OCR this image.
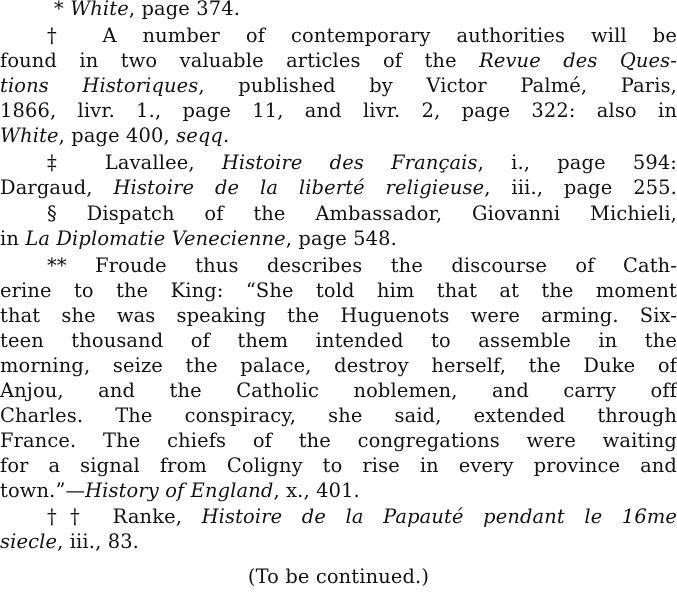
* White, page 374.
† A number of contemporary authorities will be
found in two valuable articles of the Revue des Ques-
tions Historiques, published by Victor Palmé, Paris,
1866, livr. 1., page 11, and livr. 2, page 322: also in
White, page 400, seqq.
‡ Lavallee, Histoire des Français, i., page 594:
Dargaud, Histoire de la liberté religieuse, iii., page 255.
§ Dispatch of the Ambassador, Giovanni Michieli,
in La Diplomatie Venecienne, page 548.
** Froude thus describes the discourse of Cath-
erine to the King: “She told him that at the moment
that she was speaking the Huguenots were arming. Six-
teen thousand of them intended to assemble in the
morning, seize the palace, destroy herself, the Duke of
Anjou, and the Catholic noblemen, and carry off
Charles. The conspiracy, she said, extended through
France. The chiefs of the congregations were waiting
for a signal from Coligny to rise in every province and
town.”—History of England, x., 401.
†† Ranke, Histoire de la Papauté pendant le 16me
siecle, iii., 83.
(To be continued.)
